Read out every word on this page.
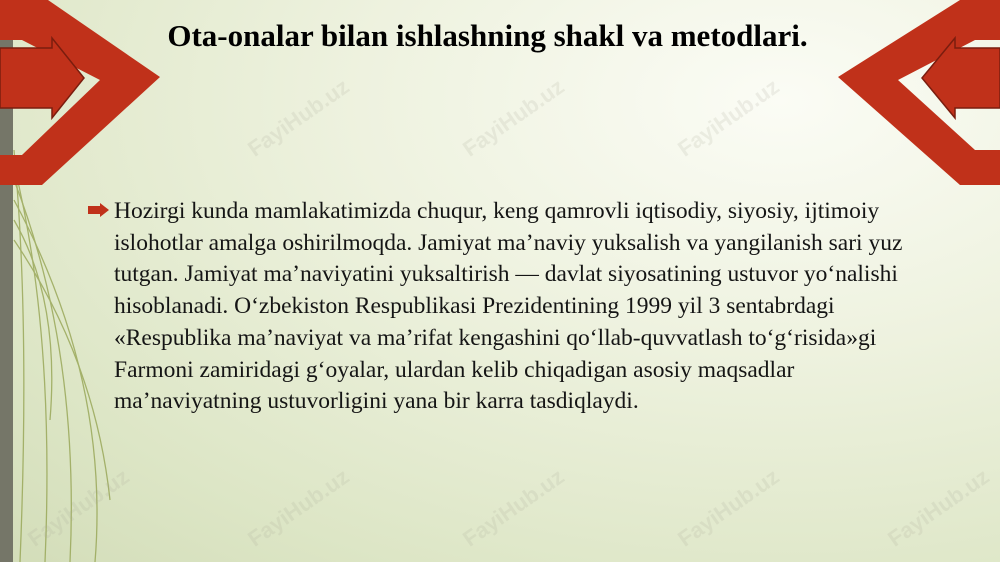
FayiHub.uz	FayiHub.uz	FayiHub.uz
FayiHub.uz	FayiHub.uz	FayiHub.uz	FayiHub.uz
FayiHub.uz
Ota-onalar bilan ishlashning shakl va metodlari.

Hozirgi kunda mamlakatimizda chuqur, keng qamrovli iqtisodiy, siyosiy, ijtimoiy islohotlar amalga oshirilmoqda. Jamiyat ma’naviy yuksalish va yangilanish sari yuz tutgan. Jamiyat ma’naviyatini yuksaltirish — davlat siyosatining ustuvor yo‘nalishi hisoblanadi. O‘zbekiston Respublikasi Prezidentining 1999 yil 3 sentabrdagi «Respublika ma’naviyat va ma’rifat kengashini qo‘llab-quvvatlash to‘g‘risida»gi Farmoni zamiridagi g‘oyalar, ulardan kelib chiqadigan asosiy maqsadlar ma’naviyatning ustuvorligini yana bir karra tasdiqlaydi.
